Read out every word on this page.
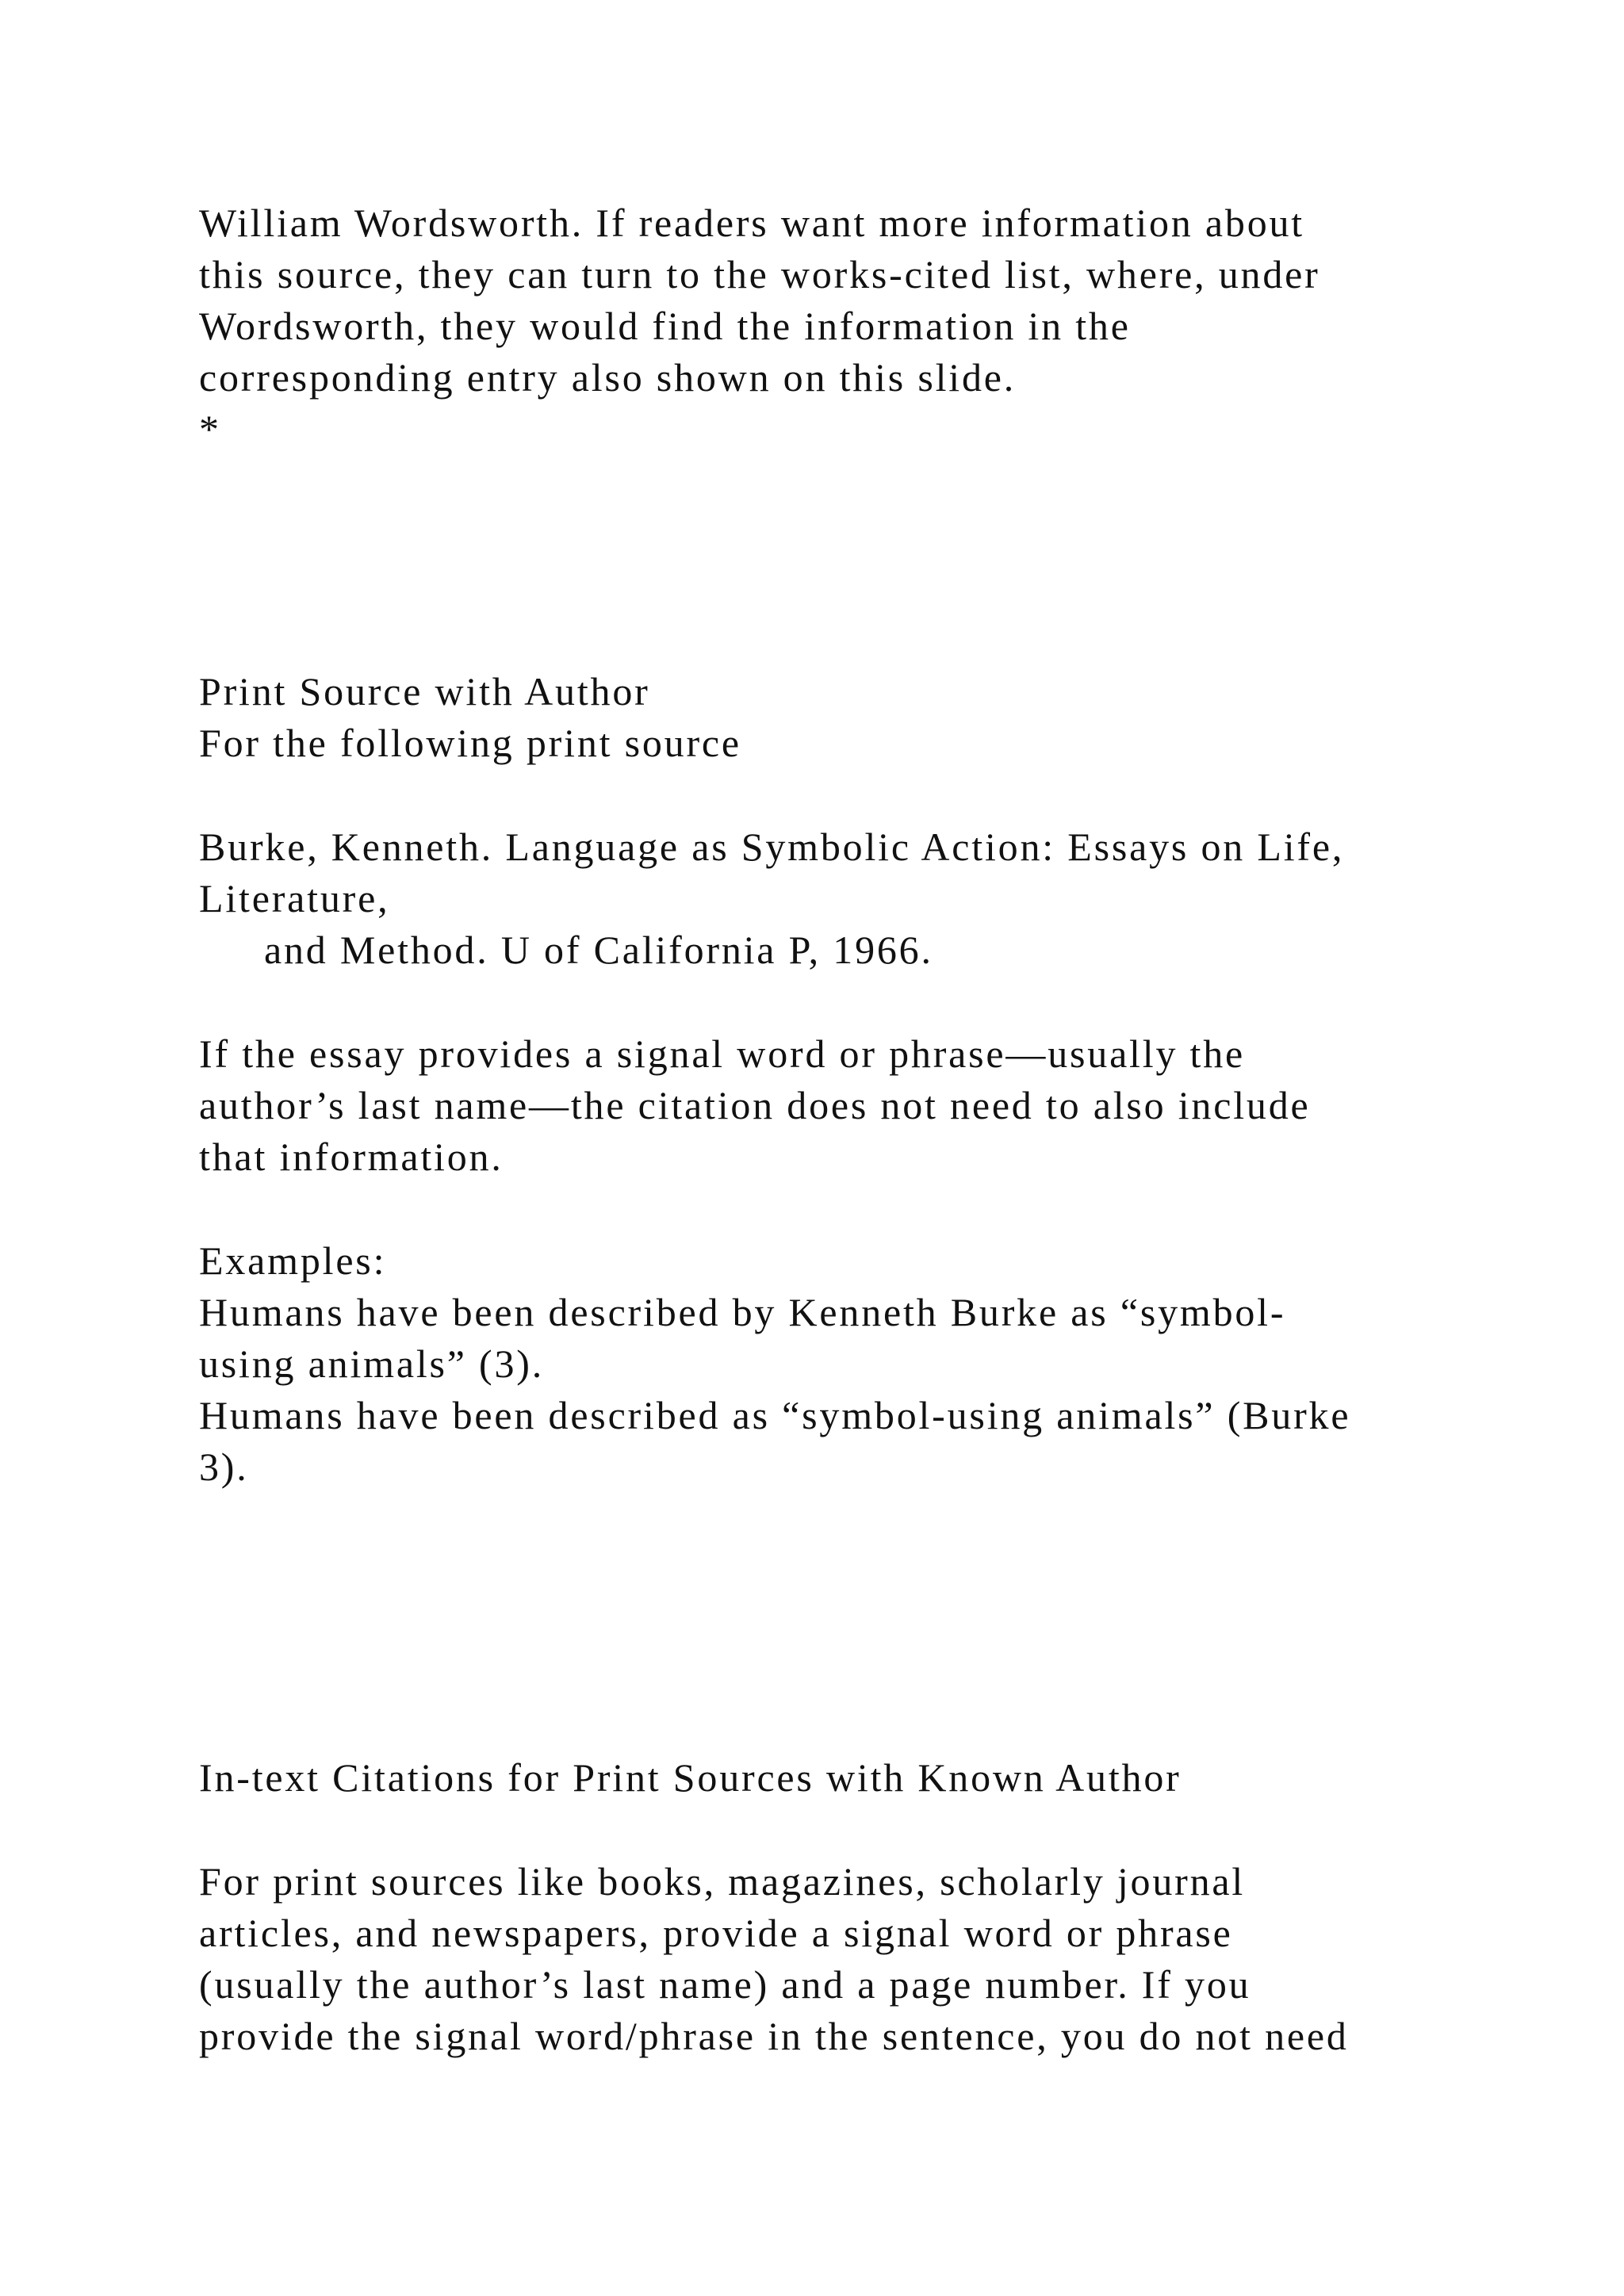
William Wordsworth. If readers want more information about

this source, they can turn to the works-cited list, where, under

Wordsworth, they would find the information in the

corresponding entry also shown on this slide.

*

Print Source with Author

For the following print source

Burke, Kenneth. Language as Symbolic Action: Essays on Life,

Literature,

and Method. U of California P, 1966.

If the essay provides a signal word or phrase—usually the

author’s last name—the citation does not need to also include

that information.

Examples:

Humans have been described by Kenneth Burke as “symbol-

using animals” (3).

Humans have been described as “symbol-using animals” (Burke

3).

In-text Citations for Print Sources with Known Author

For print sources like books, magazines, scholarly journal

articles, and newspapers, provide a signal word or phrase

(usually the author’s last name) and a page number. If you

provide the signal word/phrase in the sentence, you do not need
